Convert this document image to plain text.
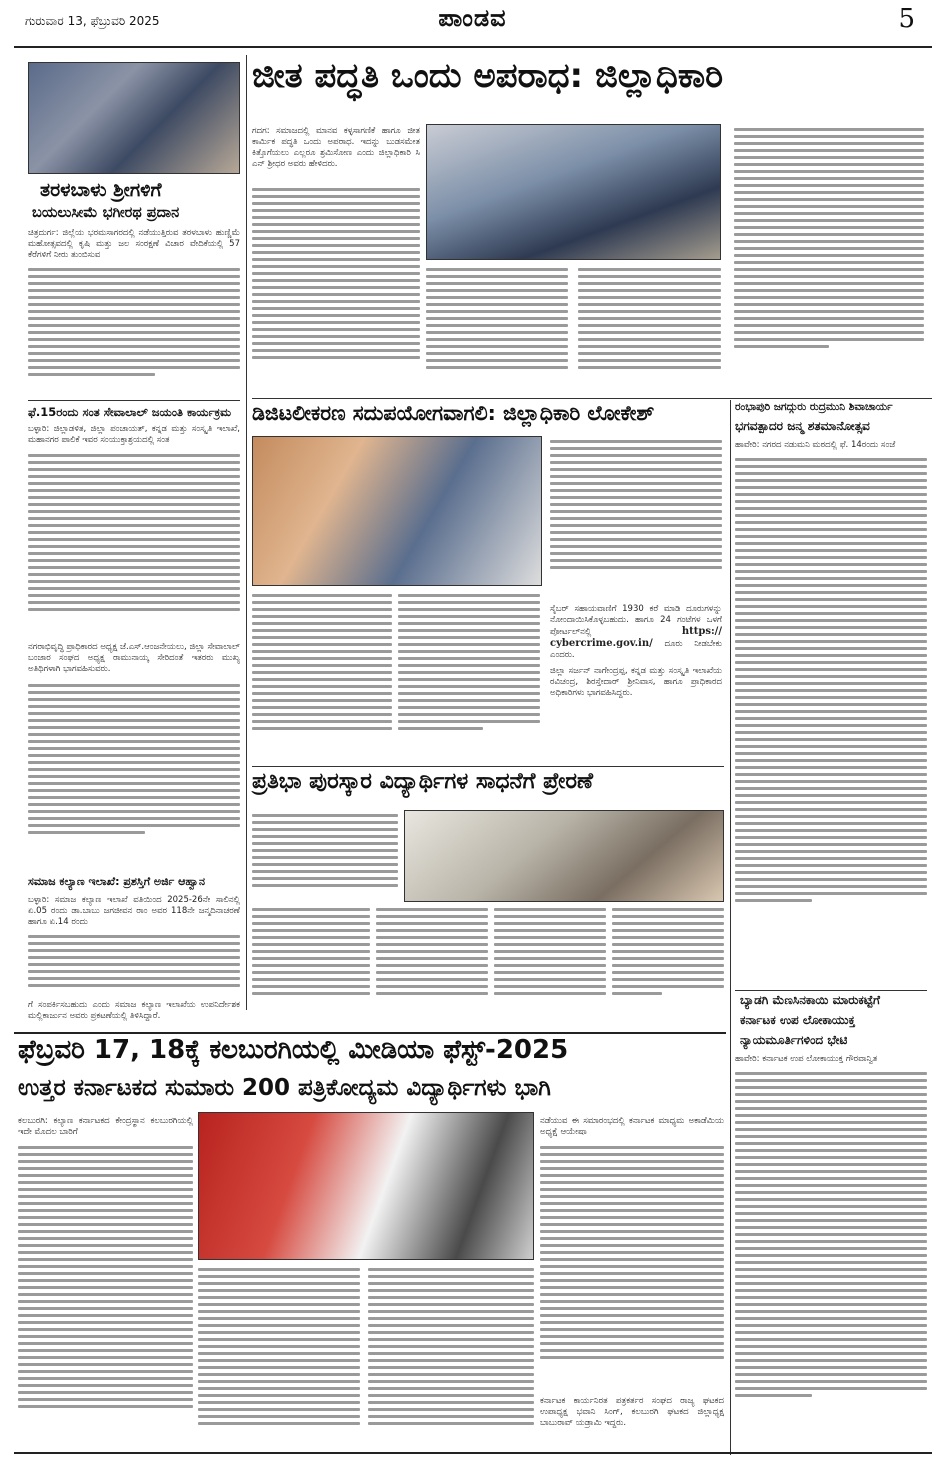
ಗುರುವಾರ 13, ಫೆಬ್ರುವರಿ 2025	ಪಾಂಡವ	5
ತರಳಬಾಳು ಶ್ರೀಗಳಿಗೆ
ಬಯಲುಸೀಮೆ ಭಗೀರಥ ಪ್ರದಾನ
ಚಿತ್ರದುರ್ಗ: ಜಿಲ್ಲೆಯ ಭರಮಸಾಗರದಲ್ಲಿ ನಡೆಯುತ್ತಿರುವ ತರಳಬಾಳು ಹುಣ್ಣಿಮೆ ಮಹೋತ್ಸವದಲ್ಲಿ ಕೃಷಿ ಮತ್ತು ಜಲ ಸಂರಕ್ಷಣೆ ವಿಚಾರ ವೇದಿಕೆಯಲ್ಲಿ 57 ಕೆರೆಗಳಿಗೆ ನೀರು ತುಂಬಿಸುವ
ಫೆ.15ರಂದು ಸಂತ ಸೇವಾಲಾಲ್ ಜಯಂತಿ ಕಾರ್ಯಕ್ರಮ
ಬಳ್ಳಾರಿ: ಜಿಲ್ಲಾಡಳಿತ, ಜಿಲ್ಲಾ ಪಂಚಾಯತ್, ಕನ್ನಡ ಮತ್ತು ಸಂಸ್ಕೃತಿ ಇಲಾಖೆ, ಮಹಾನಗರ ಪಾಲಿಕೆ ಇವರ ಸಂಯುಕ್ತಾಶ್ರಯದಲ್ಲಿ ಸಂತ
ನಗರಾಭಿವೃದ್ಧಿ ಪ್ರಾಧಿಕಾರದ ಅಧ್ಯಕ್ಷ ಜೆ.ಎಸ್.ಆಂಜನೇಯಲು, ಜಿಲ್ಲಾ ಸೇವಾಲಾಲ್ ಬಂಜಾರ ಸಂಘದ ಅಧ್ಯಕ್ಷ ರಾಮುನಾಯ್ಕ ಸೇರಿದಂತೆ ಇತರರು ಮುಖ್ಯ ಅತಿಥಿಗಳಾಗಿ ಭಾಗವಹಿಸುವರು.
ಸಮಾಜ ಕಲ್ಯಾಣ ಇಲಾಖೆ: ಪ್ರಶಸ್ತಿಗೆ ಅರ್ಜಿ ಆಹ್ವಾನ
ಬಳ್ಳಾರಿ: ಸಮಾಜ ಕಲ್ಯಾಣ ಇಲಾಖೆ ವತಿಯಿಂದ 2025-26ನೇ ಸಾಲಿನಲ್ಲಿ ಏ.05 ರಂದು ಡಾ.ಬಾಬು ಜಗಜೀವನ ರಾಂ ಅವರ 118ನೇ ಜನ್ಮದಿನಾಚರಣೆ ಹಾಗೂ ಏ.14 ರಂದು
ಗೆ ಸಂಪರ್ಕಿಸಬಹುದು ಎಂದು ಸಮಾಜ ಕಲ್ಯಾಣ ಇಲಾಖೆಯ ಉಪನಿರ್ದೇಶಕ ಮಲ್ಲಿಕಾರ್ಜುನ ಅವರು ಪ್ರಕಟಣೆಯಲ್ಲಿ ತಿಳಿಸಿದ್ದಾರೆ.
ಜೀತ ಪದ್ಧತಿ ಒಂದು ಅಪರಾಧ: ಜಿಲ್ಲಾಧಿಕಾರಿ
ಗದಗ: ಸಮಾಜದಲ್ಲಿ ಮಾನವ ಕಳ್ಳಸಾಗಣಿಕೆ ಹಾಗೂ ಜೀತ ಕಾರ್ಮಿಕ ಪದ್ಧತಿ ಒಂದು ಅಪರಾಧ. ಇದನ್ನು ಬುಡಸಮೇತ ಕಿತ್ತೊಗೆಯಲು ಎಲ್ಲರೂ ಶ್ರಮಿಸೋಣ ಎಂದು ಜಿಲ್ಲಾಧಿಕಾರಿ ಸಿ ಎನ್ ಶ್ರೀಧರ ಅವರು ಹೇಳಿದರು.
ಡಿಜಿಟಲೀಕರಣ ಸದುಪಯೋಗವಾಗಲಿ: ಜಿಲ್ಲಾಧಿಕಾರಿ ಲೋಕೇಶ್
ಸೈಬರ್ ಸಹಾಯವಾಣಿಗೆ 1930 ಕರೆ ಮಾಡಿ ದೂರುಗಳನ್ನು ನೋಂದಾಯಿಸಿಕೊಳ್ಳಬಹುದು. ಹಾಗೂ 24 ಗಂಟೆಗಳ ಒಳಗೆ ಪೋರ್ಟಲ್‌ನಲ್ಲಿ	https:// cybercrime.gov.in/ ದೂರು ನೀಡಬೇಕು ಎಂದರು.
ಜಿಲ್ಲಾ ಸರ್ಜನ್ ನಾಗೇಂದ್ರಪ್ಪ, ಕನ್ನಡ ಮತ್ತು ಸಂಸ್ಕೃತಿ ಇಲಾಖೆಯ ರವಿಚಂದ್ರ, ಶಿರಸ್ತೇದಾರ್ ಶ್ರೀನಿವಾಸ, ಹಾಗೂ ಪ್ರಾಧಿಕಾರದ ಅಧಿಕಾರಿಗಳು ಭಾಗವಹಿಸಿದ್ದರು.
ರಂಭಾಪುರಿ ಜಗದ್ಗುರು ರುದ್ರಮುನಿ ಶಿವಾಚಾರ್ಯ
ಭಗವತ್ಪಾದರ ಜನ್ಮ ಶತಮಾನೋತ್ಸವ
ಹಾವೇರಿ: ನಗರದ ನಡುಮನಿ ಮಠದಲ್ಲಿ ಫೆ. 14ರಂದು ಸಂಜೆ
ಪ್ರತಿಭಾ ಪುರಸ್ಕಾರ ವಿದ್ಯಾರ್ಥಿಗಳ ಸಾಧನೆಗೆ ಪ್ರೇರಣೆ
ಬ್ಯಾಡಗಿ ಮೆಣಸಿನಕಾಯಿ ಮಾರುಕಟ್ಟೆಗೆ
ಕರ್ನಾಟಕ ಉಪ ಲೋಕಾಯುಕ್ತ
ನ್ಯಾಯಮೂರ್ತಿಗಳಿಂದ ಭೇಟಿ
ಹಾವೇರಿ: ಕರ್ನಾಟಕ ಉಪ ಲೋಕಾಯುಕ್ತ ಗೌರವಾನ್ವಿತ
ಫೆಬ್ರವರಿ 17, 18ಕ್ಕೆ ಕಲಬುರಗಿಯಲ್ಲಿ ಮೀಡಿಯಾ ಫೆಸ್ಟ್-2025
ಉತ್ತರ ಕರ್ನಾಟಕದ ಸುಮಾರು 200 ಪತ್ರಿಕೋದ್ಯಮ ವಿದ್ಯಾರ್ಥಿಗಳು ಭಾಗಿ
ಕಲಬುರಗಿ: ಕಲ್ಯಾಣ ಕರ್ನಾಟಕದ ಕೇಂದ್ರಸ್ಥಾನ ಕಲಬುರಗಿಯಲ್ಲಿ ಇದೇ ಮೊದಲ ಬಾರಿಗೆ
ನಡೆಯುವ ಈ ಸಮಾರಂಭದಲ್ಲಿ ಕರ್ನಾಟಕ ಮಾಧ್ಯಮ ಅಕಾಡೆಮಿಯ ಅಧ್ಯಕ್ಷೆ ಆಯೇಷಾ
ಕರ್ನಾಟಕ ಕಾರ್ಯನಿರತ ಪತ್ರಕರ್ತರ ಸಂಘದ ರಾಜ್ಯ ಘಟಕದ ಉಪಾಧ್ಯಕ್ಷ ಭವಾನಿ ಸಿಂಗ್, ಕಲಬುರಗಿ ಘಟಕದ ಜಿಲ್ಲಾಧ್ಯಕ್ಷ ಬಾಬುರಾವ್ ಯಡ್ರಾಮಿ ಇದ್ದರು.
